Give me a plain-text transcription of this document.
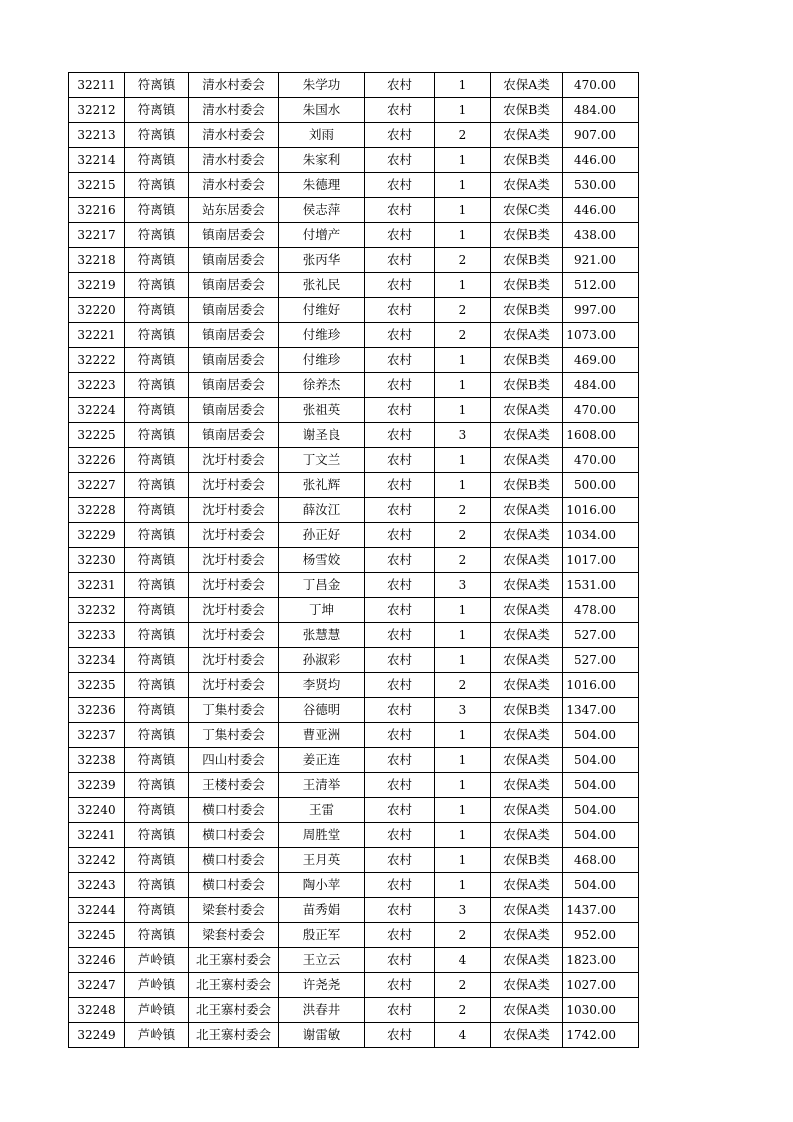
32211	符离镇	清水村委会	朱学功	农村	1	农保A类	470.00
32212	符离镇	清水村委会	朱国水	农村	1	农保B类	484.00
32213	符离镇	清水村委会	刘雨	农村	2	农保A类	907.00
32214	符离镇	清水村委会	朱家利	农村	1	农保B类	446.00
32215	符离镇	清水村委会	朱德理	农村	1	农保A类	530.00
32216	符离镇	站东居委会	侯志萍	农村	1	农保C类	446.00
32217	符离镇	镇南居委会	付增产	农村	1	农保B类	438.00
32218	符离镇	镇南居委会	张丙华	农村	2	农保B类	921.00
32219	符离镇	镇南居委会	张礼民	农村	1	农保B类	512.00
32220	符离镇	镇南居委会	付维好	农村	2	农保B类	997.00
32221	符离镇	镇南居委会	付维珍	农村	2	农保A类	1073.00
32222	符离镇	镇南居委会	付维珍	农村	1	农保B类	469.00
32223	符离镇	镇南居委会	徐养杰	农村	1	农保B类	484.00
32224	符离镇	镇南居委会	张祖英	农村	1	农保A类	470.00
32225	符离镇	镇南居委会	谢圣良	农村	3	农保A类	1608.00
32226	符离镇	沈圩村委会	丁文兰	农村	1	农保A类	470.00
32227	符离镇	沈圩村委会	张礼辉	农村	1	农保B类	500.00
32228	符离镇	沈圩村委会	薛汝江	农村	2	农保A类	1016.00
32229	符离镇	沈圩村委会	孙正好	农村	2	农保A类	1034.00
32230	符离镇	沈圩村委会	杨雪姣	农村	2	农保A类	1017.00
32231	符离镇	沈圩村委会	丁昌金	农村	3	农保A类	1531.00
32232	符离镇	沈圩村委会	丁坤	农村	1	农保A类	478.00
32233	符离镇	沈圩村委会	张慧慧	农村	1	农保A类	527.00
32234	符离镇	沈圩村委会	孙淑彩	农村	1	农保A类	527.00
32235	符离镇	沈圩村委会	李贤均	农村	2	农保A类	1016.00
32236	符离镇	丁集村委会	谷德明	农村	3	农保B类	1347.00
32237	符离镇	丁集村委会	曹亚洲	农村	1	农保A类	504.00
32238	符离镇	四山村委会	姜正连	农村	1	农保A类	504.00
32239	符离镇	王楼村委会	王清举	农村	1	农保A类	504.00
32240	符离镇	横口村委会	王雷	农村	1	农保A类	504.00
32241	符离镇	横口村委会	周胜堂	农村	1	农保A类	504.00
32242	符离镇	横口村委会	王月英	农村	1	农保B类	468.00
32243	符离镇	横口村委会	陶小苹	农村	1	农保A类	504.00
32244	符离镇	梁套村委会	苗秀娟	农村	3	农保A类	1437.00
32245	符离镇	梁套村委会	殷正军	农村	2	农保A类	952.00
32246	芦岭镇	北王寨村委会	王立云	农村	4	农保A类	1823.00
32247	芦岭镇	北王寨村委会	许尧尧	农村	2	农保A类	1027.00
32248	芦岭镇	北王寨村委会	洪春井	农村	2	农保A类	1030.00
32249	芦岭镇	北王寨村委会	谢雷敏	农村	4	农保A类	1742.00
